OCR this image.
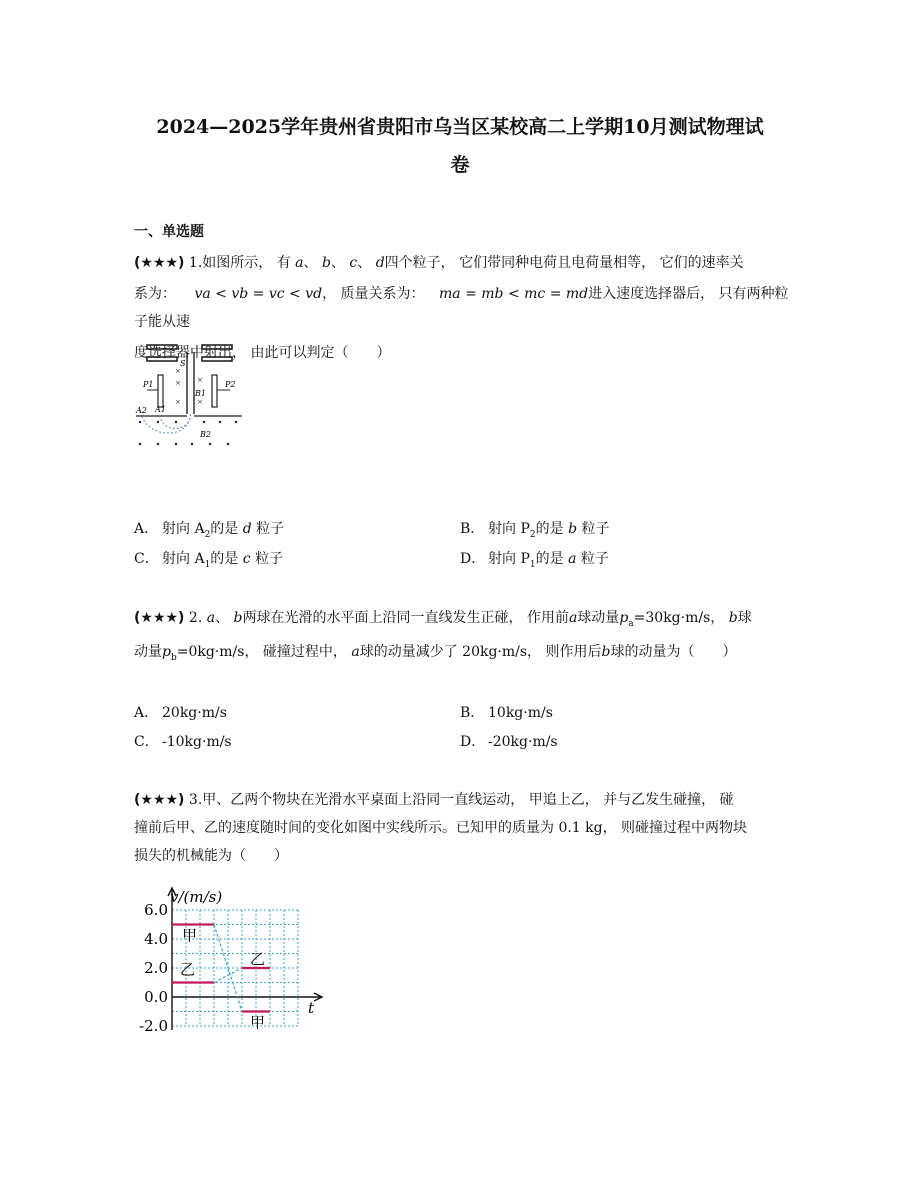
2024—2025学年贵州省贵阳市乌当区某校高二上学期10月测试物理试
卷
一、单选题
(★★★) 1.如图所示， 有 a、 b、 c、 d四个粒子， 它们带同种电荷且电荷量相等， 它们的速率关
系为： va < vb = vc < vd， 质量关系为： ma = mb < mc = md进入速度选择器后， 只有两种粒子能从速
度选择器中射出， 由此可以判定（　　）
S
P1	P2
B1
×
×
×
×
×
A2 A1
B2
A． 射向 $A_2$的是 d 粒子	B． 射向 $P_2$的是 b 粒子
C． 射向 $A_1$的是 c 粒子	D． 射向 $P_1$的是 a 粒子
(★★★) 2. a、 b两球在光滑的水平面上沿同一直线发生正碰， 作用前a球动量$p_a=30kg\cdot m/s$， b球
动量$p_b=0kg\cdot m/s$， 碰撞过程中， a球的动量减少了 20kg·m/s， 则作用后b球的动量为（　　）
A． 20kg·m/s	B． 10kg·m/s
C． -10kg·m/s	D． -20kg·m/s
(★★★) 3.甲、乙两个物块在光滑水平桌面上沿同一直线运动， 甲追上乙， 并与乙发生碰撞， 碰
撞前后甲、乙的速度随时间的变化如图中实线所示。已知甲的质量为 0.1 kg， 则碰撞过程中两物块
损失的机械能为（　　）
6.0
4.0
2.0
0.0
-2.0
v/(m/s)
t
甲
乙
乙
甲
